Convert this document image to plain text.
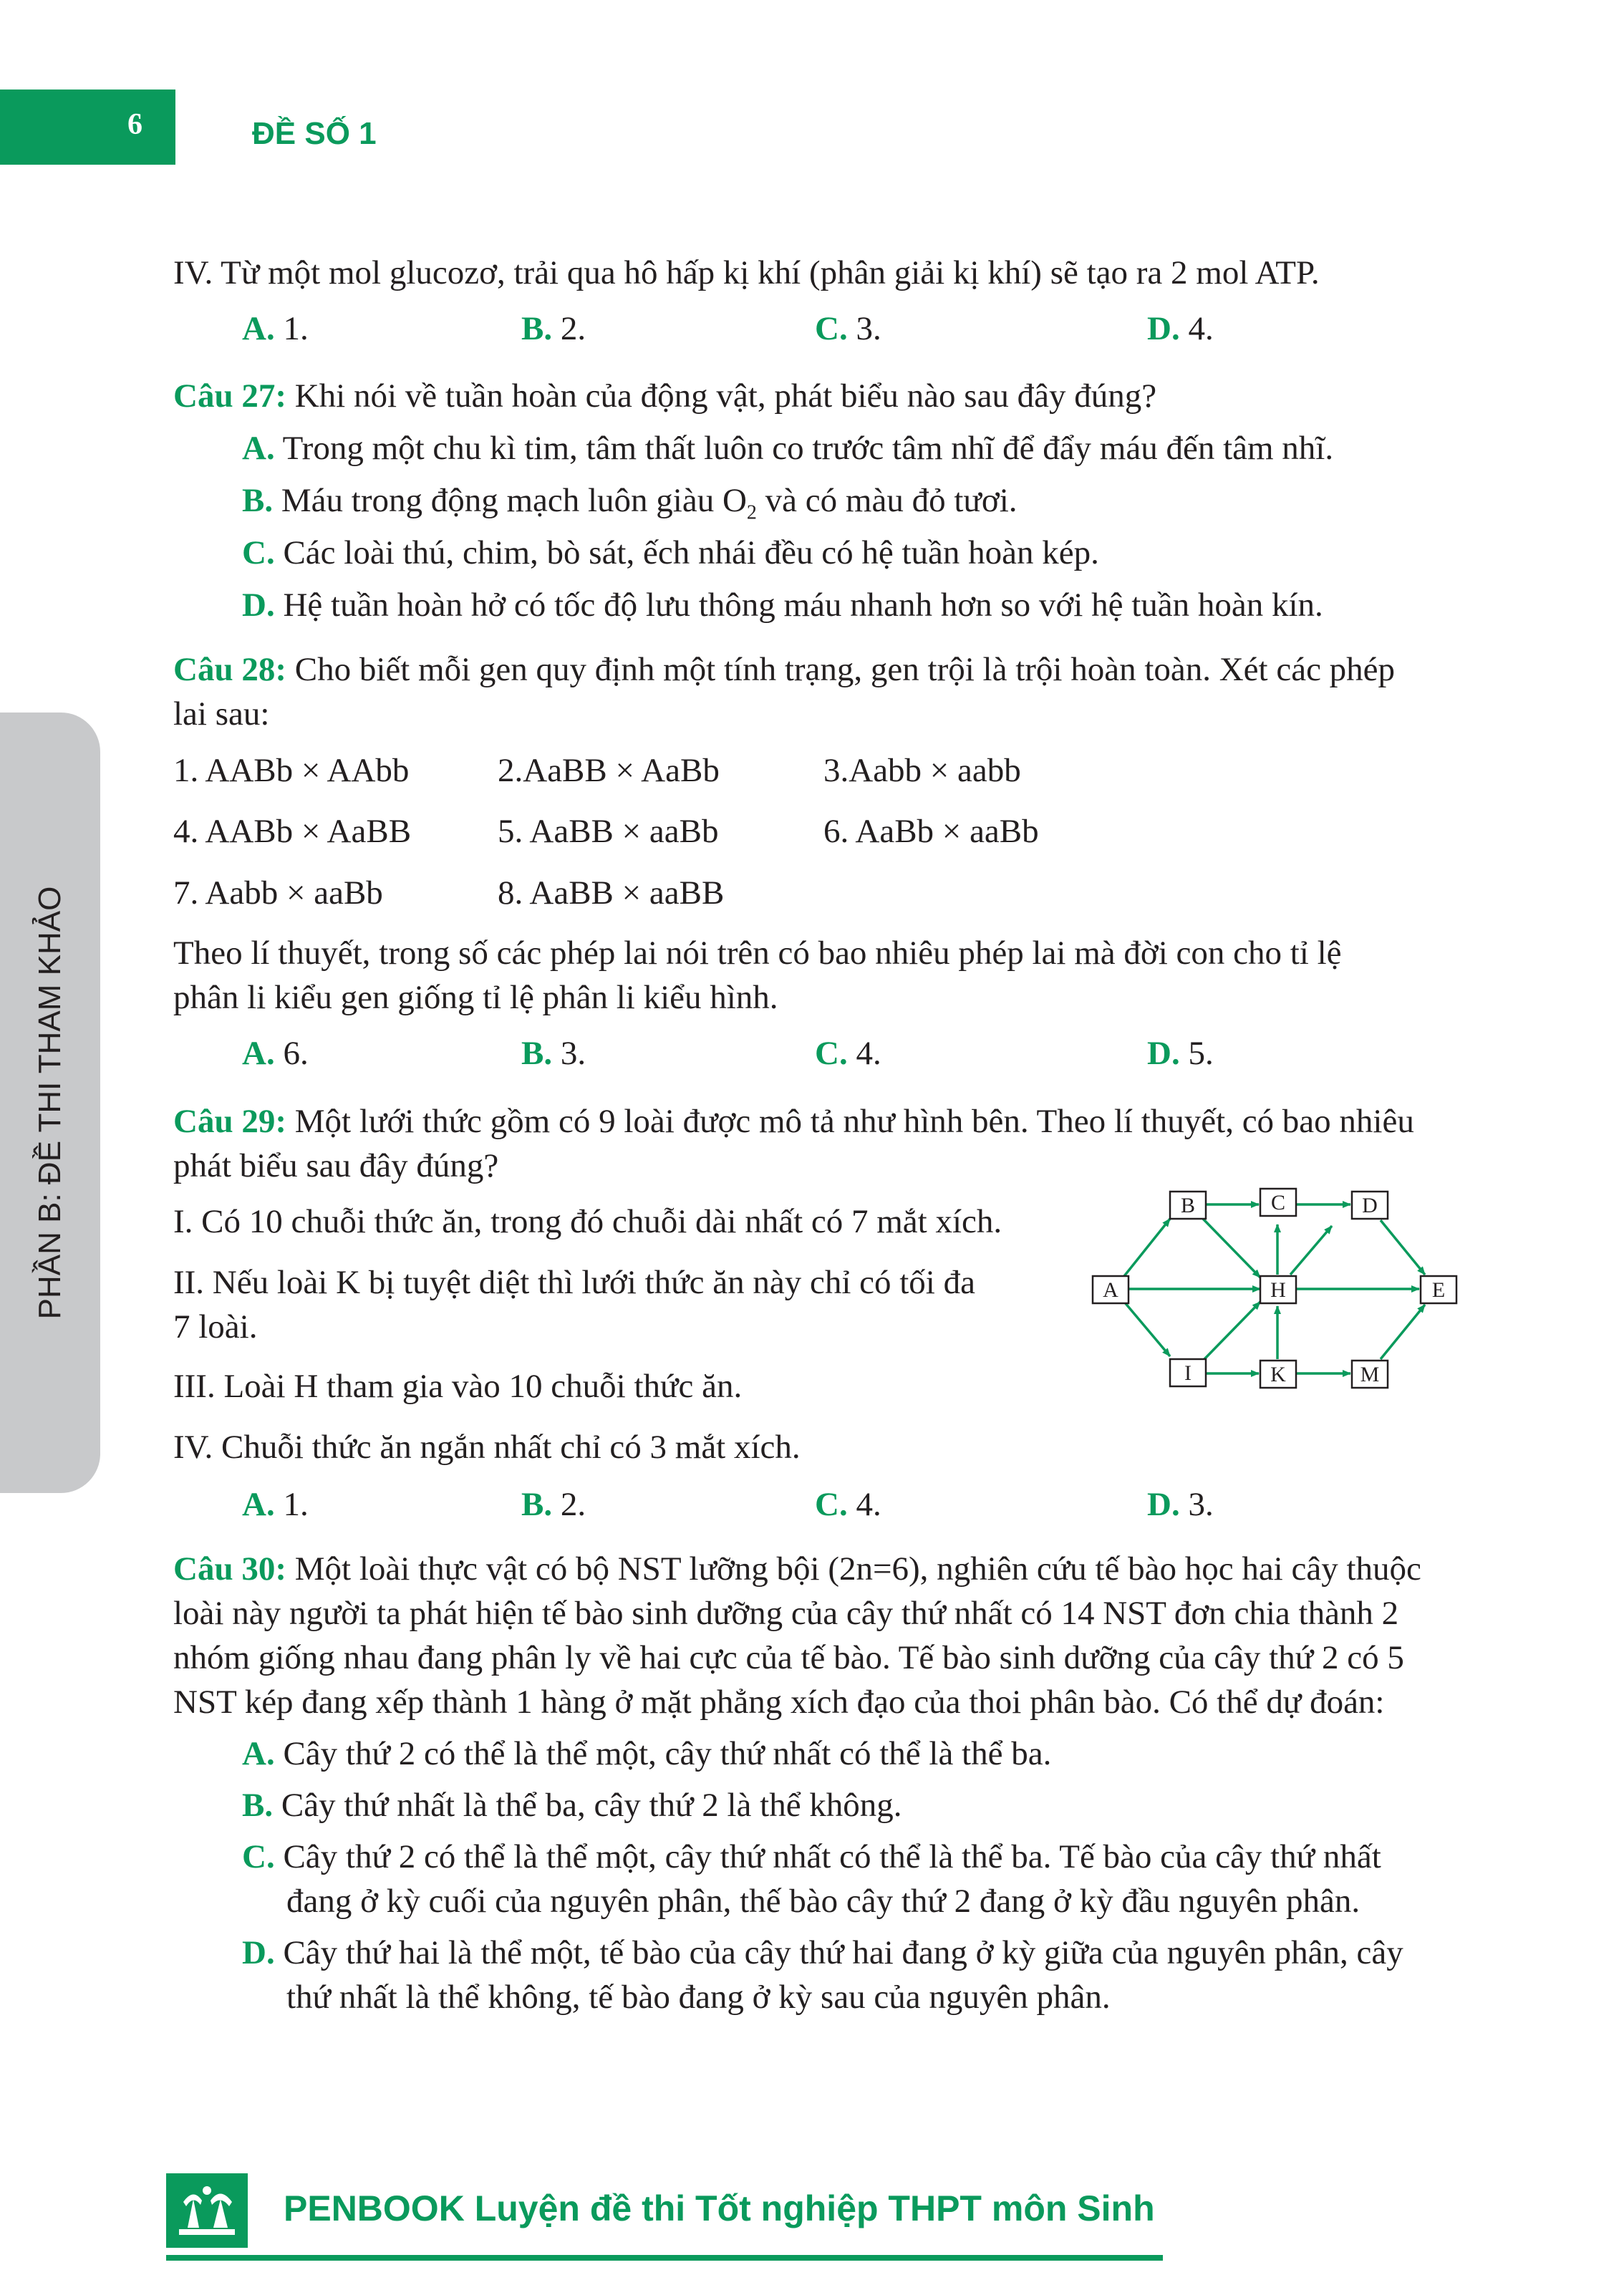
6	ĐỀ SỐ 1
PHẦN B: ĐỀ THI THAM KHẢO
IV. Từ một mol glucozơ, trải qua hô hấp kị khí (phân giải kị khí) sẽ tạo ra 2 mol ATP.
A. 1.	B. 2.	C. 3.	D. 4.
Câu 27: Khi nói về tuần hoàn của động vật, phát biểu nào sau đây đúng?
A. Trong một chu kì tim, tâm thất luôn co trước tâm nhĩ để đẩy máu đến tâm nhĩ.
B. Máu trong động mạch luôn giàu $O_2$ và có màu đỏ tươi.
C. Các loài thú, chim, bò sát, ếch nhái đều có hệ tuần hoàn kép.
D. Hệ tuần hoàn hở có tốc độ lưu thông máu nhanh hơn so với hệ tuần hoàn kín.
Câu 28: Cho biết mỗi gen quy định một tính trạng, gen trội là trội hoàn toàn. Xét các phép
lai sau:
1. AABb × AAbb	2.AaBB × AaBb	3.Aabb × aabb
4. AABb × AaBB	5. AaBB × aaBb	6. AaBb × aaBb
7. Aabb × aaBb	8. AaBB × aaBB
Theo lí thuyết, trong số các phép lai nói trên có bao nhiêu phép lai mà đời con cho tỉ lệ
phân li kiểu gen giống tỉ lệ phân li kiểu hình.
A. 6.	B. 3.	C. 4.	D. 5.
Câu 29: Một lưới thức gồm có 9 loài được mô tả như hình bên. Theo lí thuyết, có bao nhiêu
phát biểu sau đây đúng?
I. Có 10 chuỗi thức ăn, trong đó chuỗi dài nhất có 7 mắt xích.
II. Nếu loài K bị tuyệt diệt thì lưới thức ăn này chỉ có tối đa
7 loài.
III. Loài H tham gia vào 10 chuỗi thức ăn.
IV. Chuỗi thức ăn ngắn nhất chỉ có 3 mắt xích.
A. 1.	B. 2.	C. 4.	D. 3.
A
B	C	D
H	E
I	K	M
Câu 30: Một loài thực vật có bộ NST lưỡng bội (2n=6), nghiên cứu tế bào học hai cây thuộc
loài này người ta phát hiện tế bào sinh dưỡng của cây thứ nhất có 14 NST đơn chia thành 2
nhóm giống nhau đang phân ly về hai cực của tế bào. Tế bào sinh dưỡng của cây thứ 2 có 5
NST kép đang xếp thành 1 hàng ở mặt phẳng xích đạo của thoi phân bào. Có thể dự đoán:
A. Cây thứ 2 có thể là thể một, cây thứ nhất có thể là thể ba.
B. Cây thứ nhất là thể ba, cây thứ 2 là thể không.
C. Cây thứ 2 có thể là thể một, cây thứ nhất có thể là thể ba. Tế bào của cây thứ nhất
đang ở kỳ cuối của nguyên phân, thế bào cây thứ 2 đang ở kỳ đầu nguyên phân.
D. Cây thứ hai là thể một, tế bào của cây thứ hai đang ở kỳ giữa của nguyên phân, cây
thứ nhất là thể không, tế bào đang ở kỳ sau của nguyên phân.
PENBOOK Luyện đề thi Tốt nghiệp THPT môn Sinh
